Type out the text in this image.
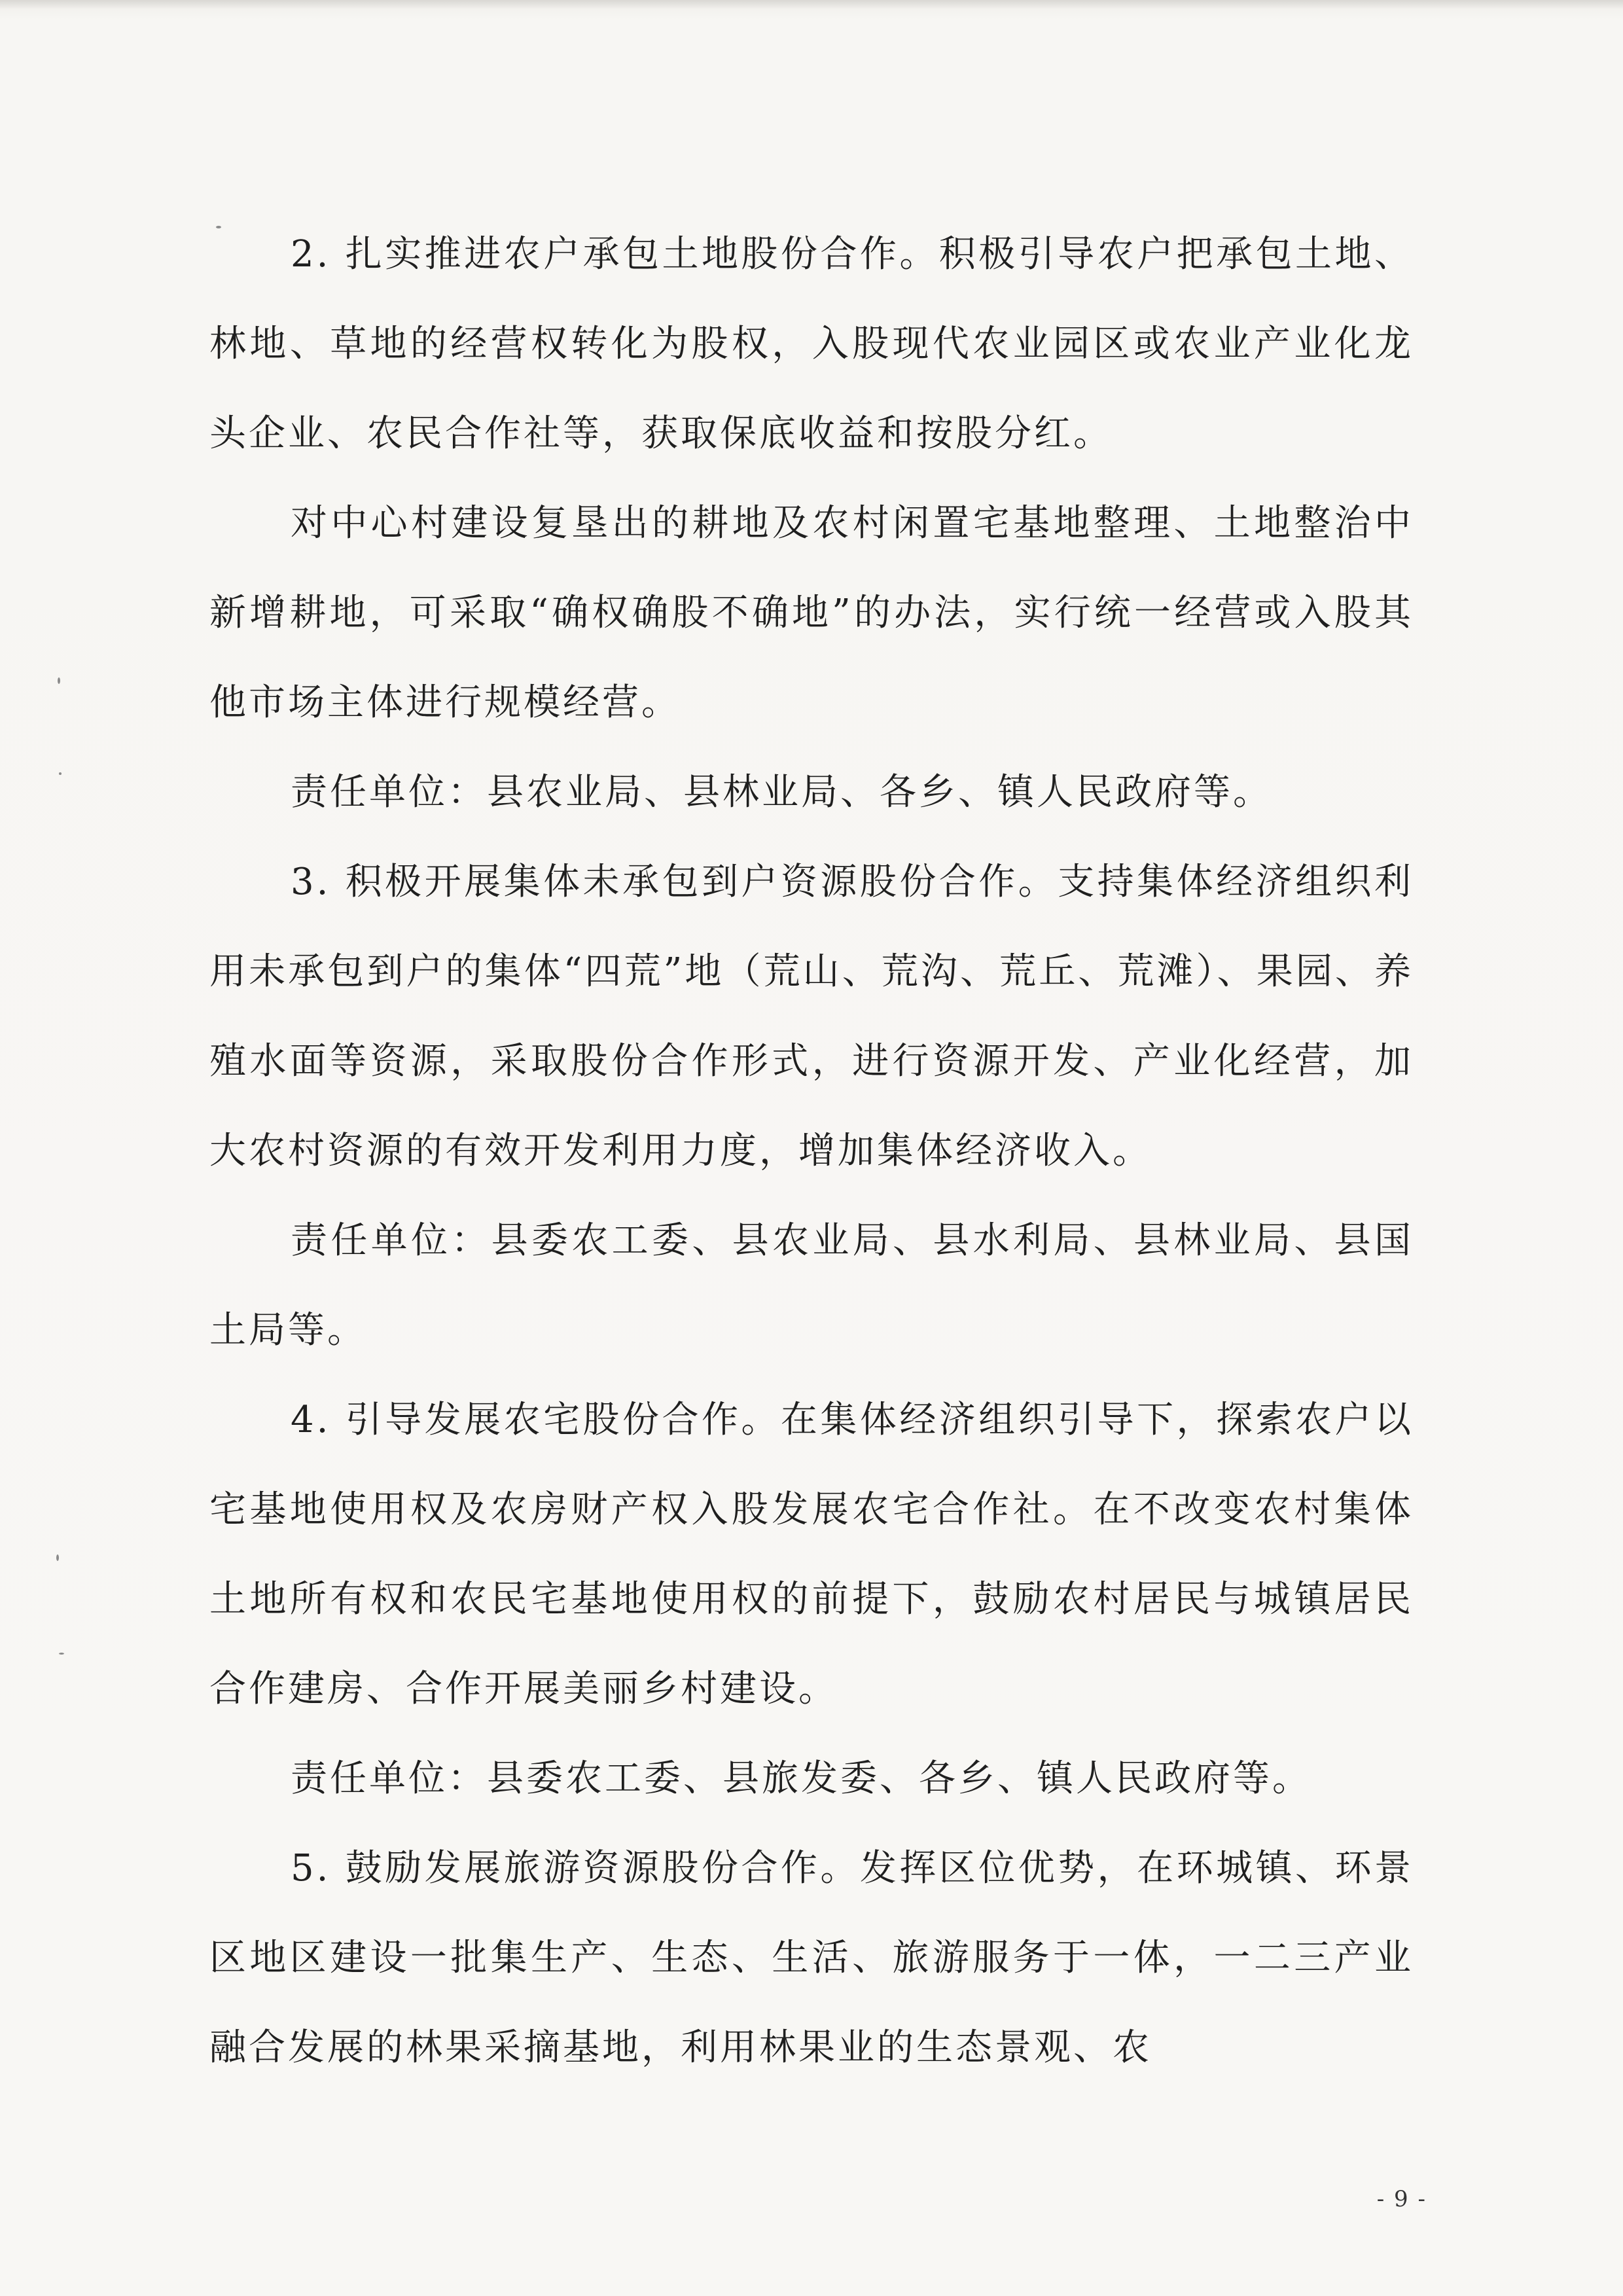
2. 扎实推进农户承包土地股份合作。积极引导农户把承包土地、林地、草地的经营权转化为股权，入股现代农业园区或农业产业化龙头企业、农民合作社等，获取保底收益和按股分红。

对中心村建设复垦出的耕地及农村闲置宅基地整理、土地整治中新增耕地，可采取“确权确股不确地”的办法，实行统一经营或入股其他市场主体进行规模经营。

责任单位：县农业局、县林业局、各乡、镇人民政府等。

3. 积极开展集体未承包到户资源股份合作。支持集体经济组织利用未承包到户的集体“四荒”地（荒山、荒沟、荒丘、荒滩）、果园、养殖水面等资源，采取股份合作形式，进行资源开发、产业化经营，加大农村资源的有效开发利用力度，增加集体经济收入。

责任单位：县委农工委、县农业局、县水利局、县林业局、县国土局等。

4. 引导发展农宅股份合作。在集体经济组织引导下，探索农户以宅基地使用权及农房财产权入股发展农宅合作社。在不改变农村集体土地所有权和农民宅基地使用权的前提下，鼓励农村居民与城镇居民合作建房、合作开展美丽乡村建设。

责任单位：县委农工委、县旅发委、各乡、镇人民政府等。

5. 鼓励发展旅游资源股份合作。发挥区位优势，在环城镇、环景区地区建设一批集生产、生态、生活、旅游服务于一体，一二三产业融合发展的林果采摘基地，利用林果业的生态景观、农

- 9 -
